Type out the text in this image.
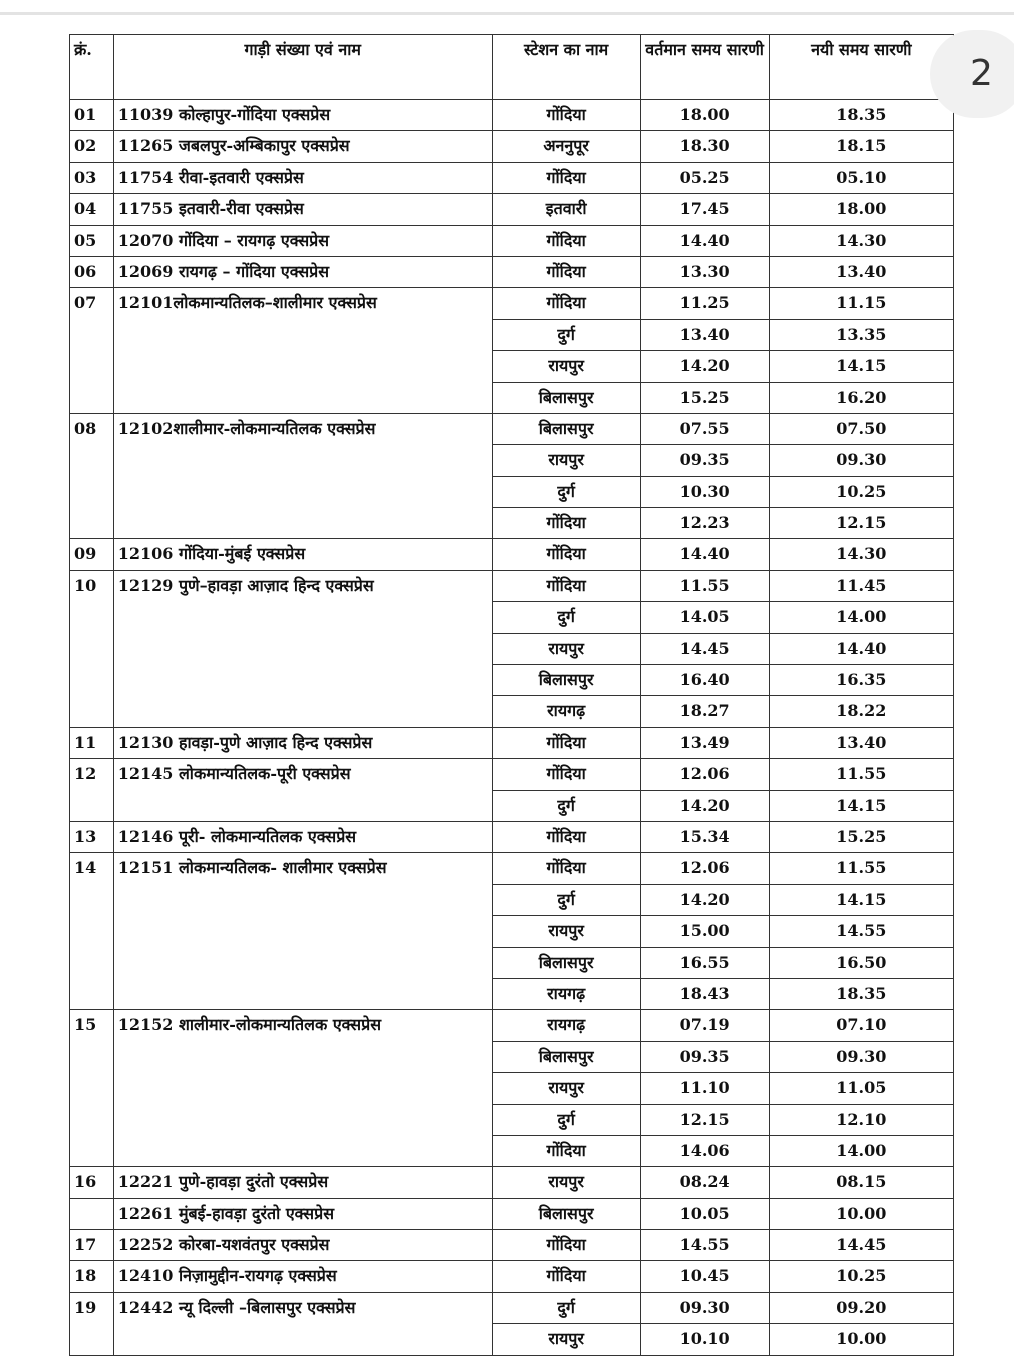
क्रं.	गाड़ी संख्या एवं नाम	स्टेशन का नाम	वर्तमान समय सारणी	नयी समय सारणी
01	11039 कोल्हापुर-गोंदिया एक्सप्रेस	गोंदिया	18.00	18.35
02	11265 जबलपुर-अम्बिकापुर एक्सप्रेस	अननुपूर	18.30	18.15
03	11754 रीवा-इतवारी एक्सप्रेस	गोंदिया	05.25	05.10
04	11755 इतवारी-रीवा एक्सप्रेस	इतवारी	17.45	18.00
05	12070 गोंदिया – रायगढ़ एक्सप्रेस	गोंदिया	14.40	14.30
06	12069 रायगढ़ – गोंदिया एक्सप्रेस	गोंदिया	13.30	13.40
07	12101लोकमान्यतिलक–शालीमार एक्सप्रेस	गोंदिया	11.25	11.15
		दुर्ग	13.40	13.35
		रायपुर	14.20	14.15
		बिलासपुर	15.25	16.20
08	12102शालीमार-लोकमान्यतिलक एक्सप्रेस	बिलासपुर	07.55	07.50
		रायपुर	09.35	09.30
		दुर्ग	10.30	10.25
		गोंदिया	12.23	12.15
09	12106 गोंदिया-मुंबई एक्सप्रेस	गोंदिया	14.40	14.30
10	12129 पुणे–हावड़ा आज़ाद हिन्द एक्सप्रेस	गोंदिया	11.55	11.45
		दुर्ग	14.05	14.00
		रायपुर	14.45	14.40
		बिलासपुर	16.40	16.35
		रायगढ़	18.27	18.22
11	12130 हावड़ा-पुणे आज़ाद हिन्द एक्सप्रेस	गोंदिया	13.49	13.40
12	12145 लोकमान्यतिलक-पूरी एक्सप्रेस	गोंदिया	12.06	11.55
		दुर्ग	14.20	14.15
13	12146 पूरी- लोकमान्यतिलक एक्सप्रेस	गोंदिया	15.34	15.25
14	12151 लोकमान्यतिलक- शालीमार एक्सप्रेस	गोंदिया	12.06	11.55
		दुर्ग	14.20	14.15
		रायपुर	15.00	14.55
		बिलासपुर	16.55	16.50
		रायगढ़	18.43	18.35
15	12152 शालीमार-लोकमान्यतिलक एक्सप्रेस	रायगढ़	07.19	07.10
		बिलासपुर	09.35	09.30
		रायपुर	11.10	11.05
		दुर्ग	12.15	12.10
		गोंदिया	14.06	14.00
16	12221 पुणे-हावड़ा दुरंतो एक्सप्रेस	रायपुर	08.24	08.15
	12261 मुंबई-हावड़ा दुरंतो एक्सप्रेस	बिलासपुर	10.05	10.00
17	12252 कोरबा-यशवंतपुर एक्सप्रेस	गोंदिया	14.55	14.45
18	12410 निज़ामुद्दीन-रायगढ़ एक्सप्रेस	गोंदिया	10.45	10.25
19	12442 न्यू दिल्ली –बिलासपुर एक्सप्रेस	दुर्ग	09.30	09.20
		रायपुर	10.10	10.00
2
